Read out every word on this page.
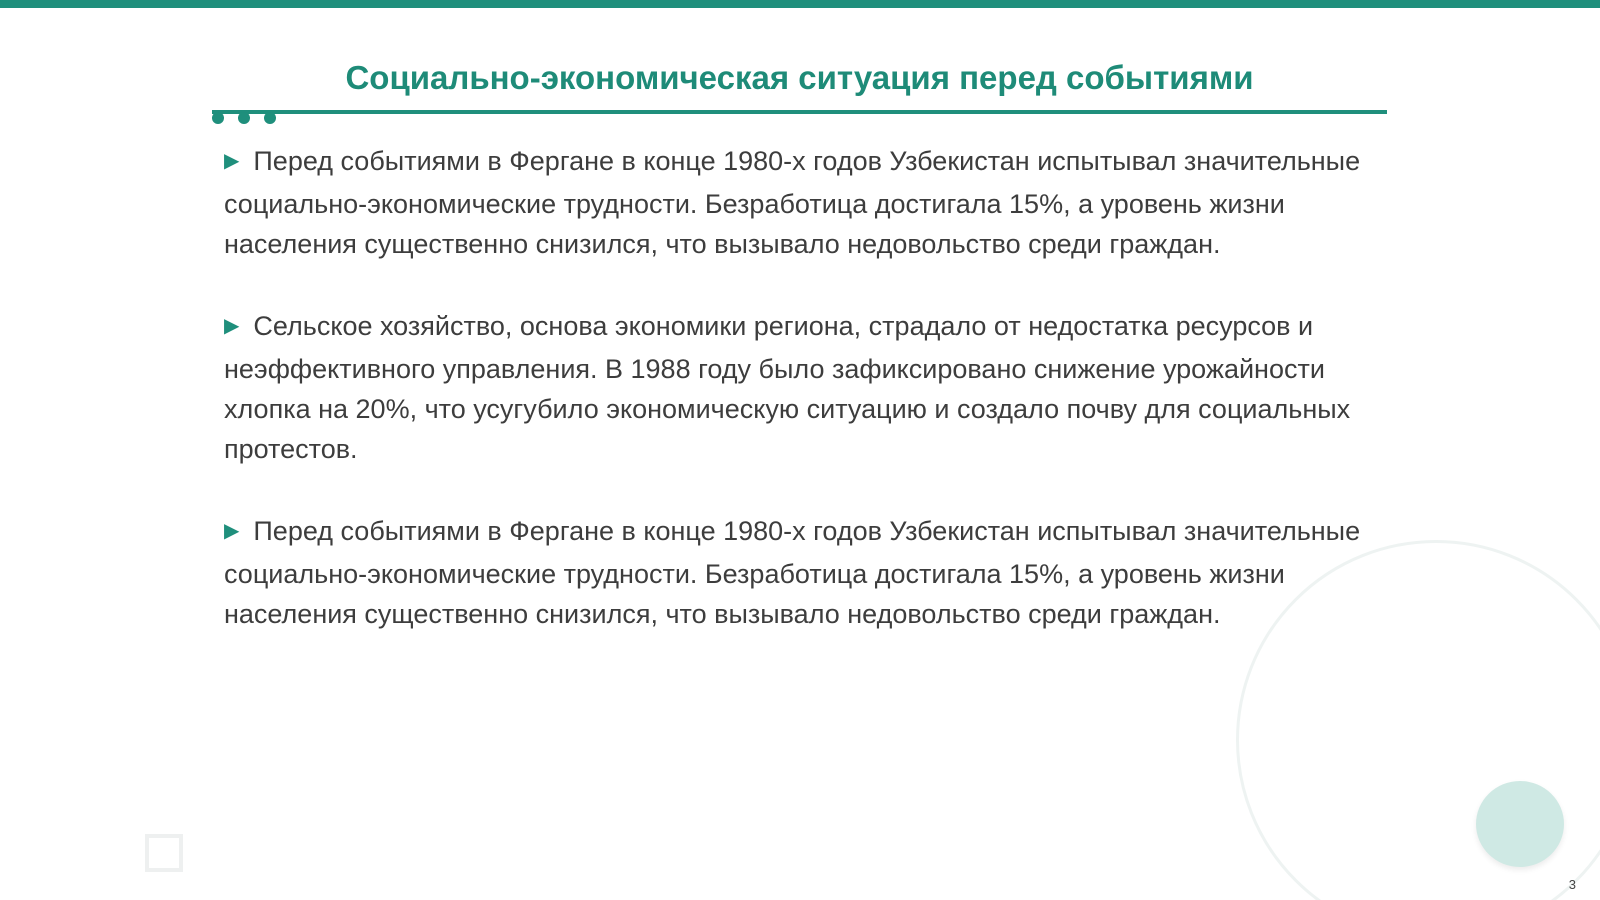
Социально-экономическая ситуация перед событиями

▶ Перед событиями в Фергане в конце 1980-х годов Узбекистан испытывал значительные социально-экономические трудности. Безработица достигала 15%, а уровень жизни населения существенно снизился, что вызывало недовольство среди граждан.

▶ Сельское хозяйство, основа экономики региона, страдало от недостатка ресурсов и неэффективного управления. В 1988 году было зафиксировано снижение урожайности хлопка на 20%, что усугубило экономическую ситуацию и создало почву для социальных протестов.

▶ Перед событиями в Фергане в конце 1980-х годов Узбекистан испытывал значительные социально-экономические трудности. Безработица достигала 15%, а уровень жизни населения существенно снизился, что вызывало недовольство среди граждан.

3
